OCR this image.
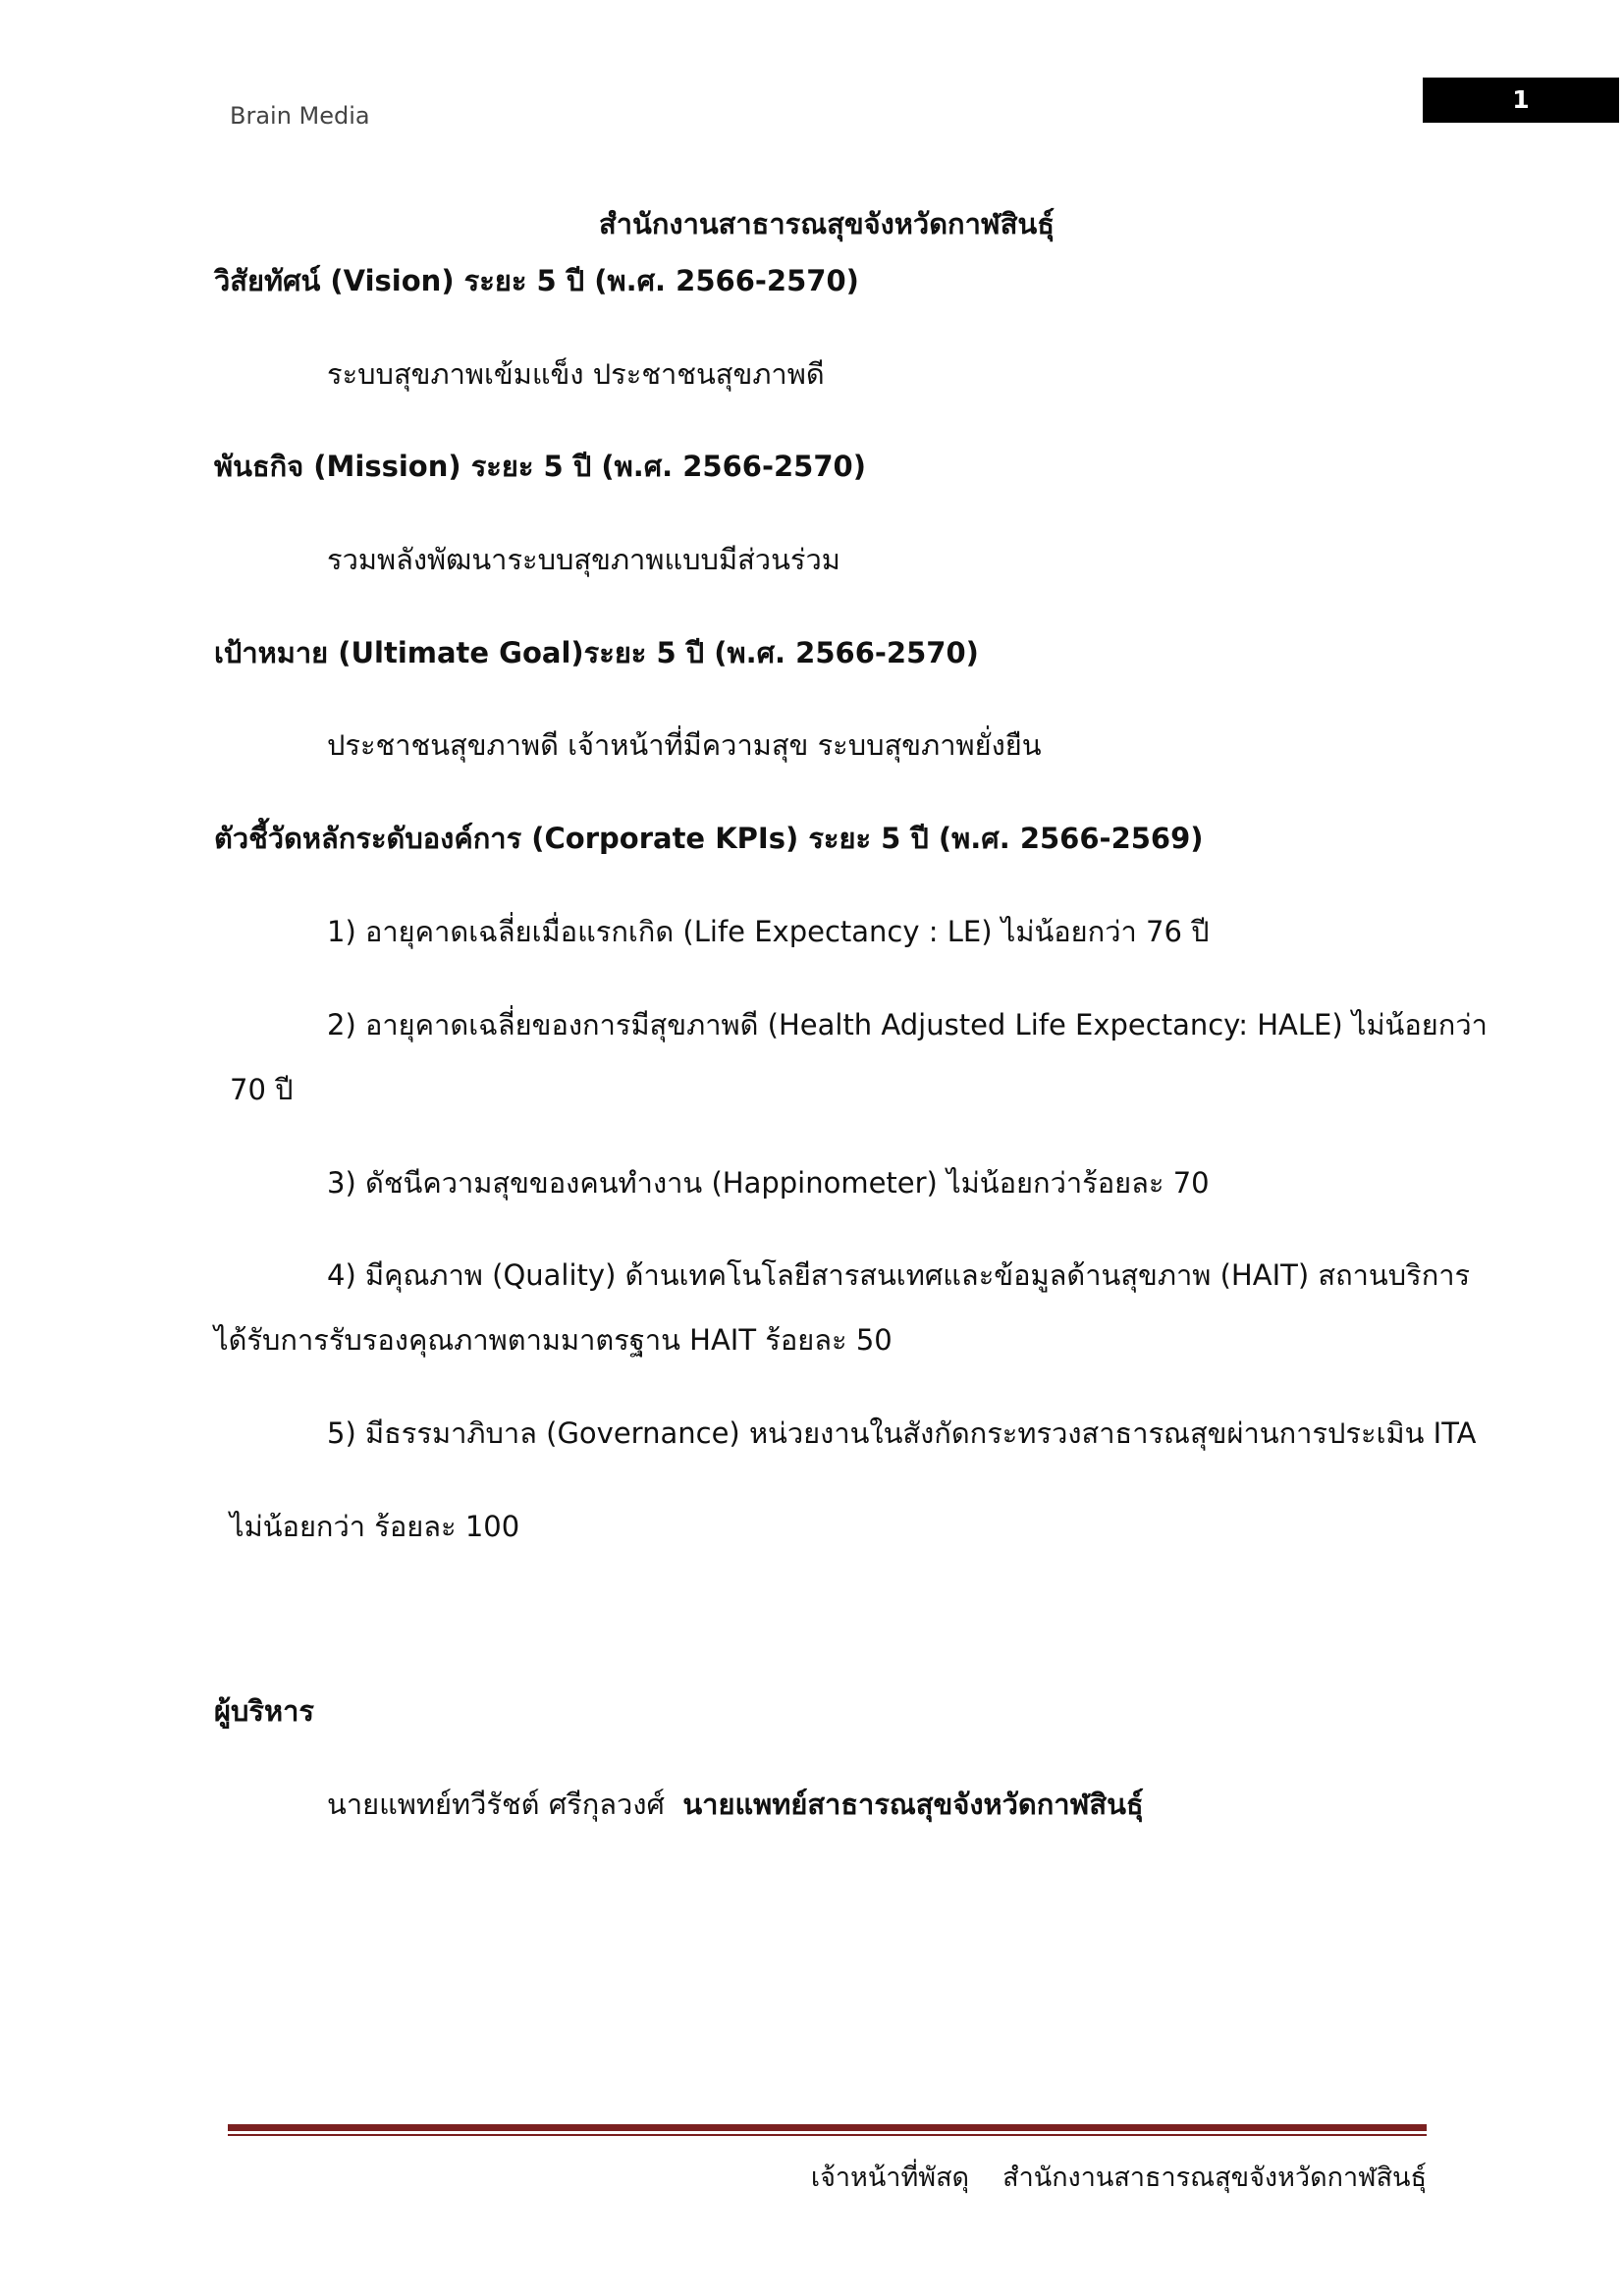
Brain Media
1
สำนักงานสาธารณสุขจังหวัดกาฬสินธุ์
วิสัยทัศน์ (Vision) ระยะ 5 ปี (พ.ศ. 2566-2570)
ระบบสุขภาพเข้มแข็ง ประชาชนสุขภาพดี
พันธกิจ (Mission) ระยะ 5 ปี (พ.ศ. 2566-2570)
รวมพลังพัฒนาระบบสุขภาพแบบมีส่วนร่วม
เป้าหมาย (Ultimate Goal)ระยะ 5 ปี (พ.ศ. 2566-2570)
ประชาชนสุขภาพดี เจ้าหน้าที่มีความสุข ระบบสุขภาพยั่งยืน
ตัวชี้วัดหลักระดับองค์การ (Corporate KPIs) ระยะ 5 ปี (พ.ศ. 2566-2569)
1) อายุคาดเฉลี่ยเมื่อแรกเกิด (Life Expectancy : LE) ไม่น้อยกว่า 76 ปี
2) อายุคาดเฉลี่ยของการมีสุขภาพดี (Health Adjusted Life Expectancy: HALE) ไม่น้อยกว่า
70 ปี
3) ดัชนีความสุขของคนทำงาน (Happinometer) ไม่น้อยกว่าร้อยละ 70
4) มีคุณภาพ (Quality) ด้านเทคโนโลยีสารสนเทศและข้อมูลด้านสุขภาพ (HAIT) สถานบริการ
ได้รับการรับรองคุณภาพตามมาตรฐาน HAIT ร้อยละ 50
5) มีธรรมาภิบาล (Governance) หน่วยงานในสังกัดกระทรวงสาธารณสุขผ่านการประเมิน ITA
ไม่น้อยกว่า ร้อยละ 100
ผู้บริหาร
นายแพทย์ทวีรัชต์ ศรีกุลวงศ์ นายแพทย์สาธารณสุขจังหวัดกาฬสินธุ์
เจ้าหน้าที่พัสดุ สำนักงานสาธารณสุขจังหวัดกาฬสินธุ์
